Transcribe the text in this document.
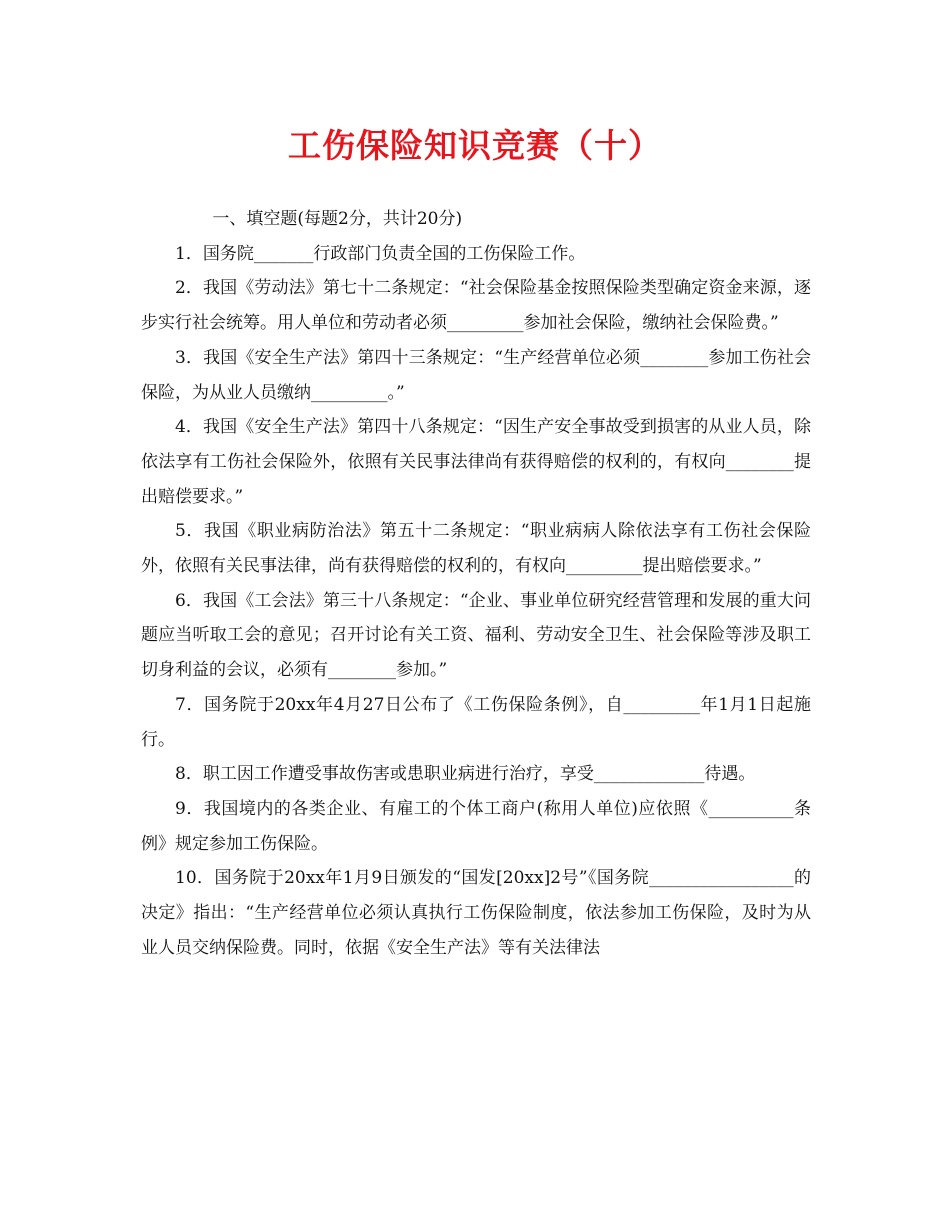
工伤保险知识竞赛（十）

一、填空题(每题2分，共计20分)

1．国务院_______行政部门负责全国的工伤保险工作。

2．我国《劳动法》第七十二条规定：“社会保险基金按照保险类型确定资金来源，逐步实行社会统筹。用人单位和劳动者必须_________参加社会保险，缴纳社会保险费。”

3．我国《安全生产法》第四十三条规定：“生产经营单位必须________参加工伤社会保险，为从业人员缴纳_________。”

4．我国《安全生产法》第四十八条规定：“因生产安全事故受到损害的从业人员，除依法享有工伤社会保险外，依照有关民事法律尚有获得赔偿的权利的，有权向________提出赔偿要求。”

5．我国《职业病防治法》第五十二条规定：“职业病病人除依法享有工伤社会保险外，依照有关民事法律，尚有获得赔偿的权利的，有权向_________提出赔偿要求。”

6．我国《工会法》第三十八条规定：“企业、事业单位研究经营管理和发展的重大问题应当听取工会的意见；召开讨论有关工资、福利、劳动安全卫生、社会保险等涉及职工切身利益的会议，必须有________参加。”

7．国务院于20xx年4月27日公布了《工伤保险条例》，自_________年1月1日起施行。

8．职工因工作遭受事故伤害或患职业病进行治疗，享受_____________待遇。

9．我国境内的各类企业、有雇工的个体工商户(称用人单位)应依照《__________条例》规定参加工伤保险。

10．国务院于20xx年1月9日颁发的“国发[20xx]2号”《国务院_________________的决定》指出：“生产经营单位必须认真执行工伤保险制度，依法参加工伤保险，及时为从业人员交纳保险费。同时，依据《安全生产法》等有关法律法
